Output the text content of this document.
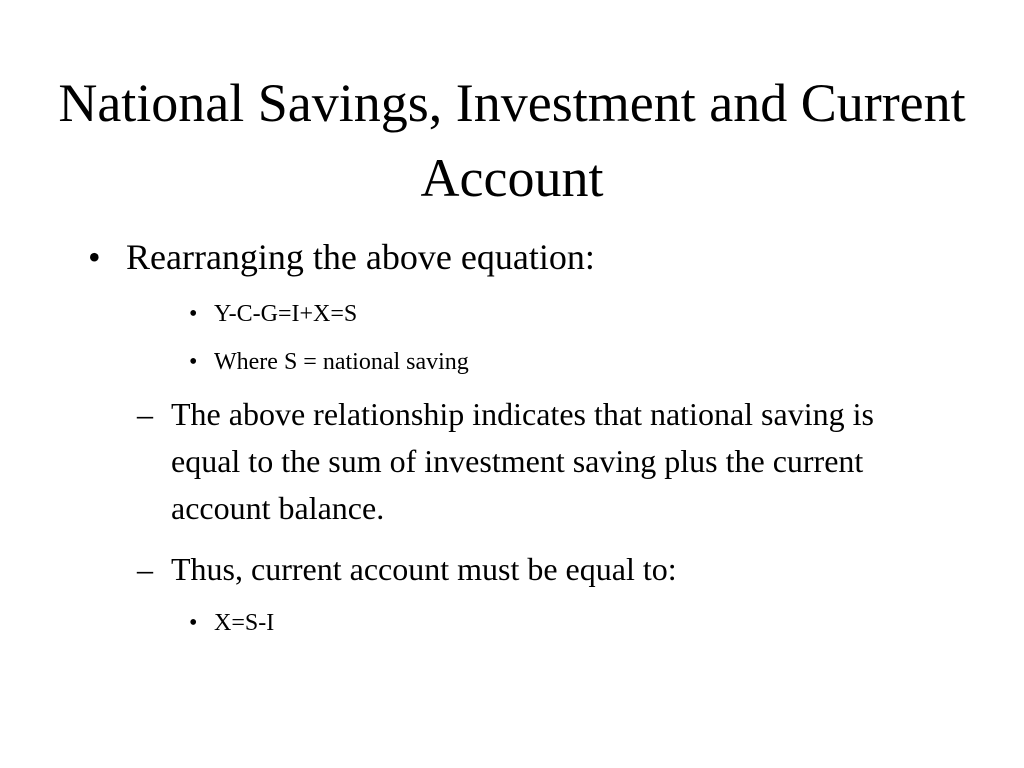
National Savings, Investment and Current Account
• Rearranging the above equation:
• Y-C-G=I+X=S
• Where S = national saving
– The above relationship indicates that national saving is equal to the sum of investment saving plus the current account balance.
– Thus, current account must be equal to:
• X=S-I
